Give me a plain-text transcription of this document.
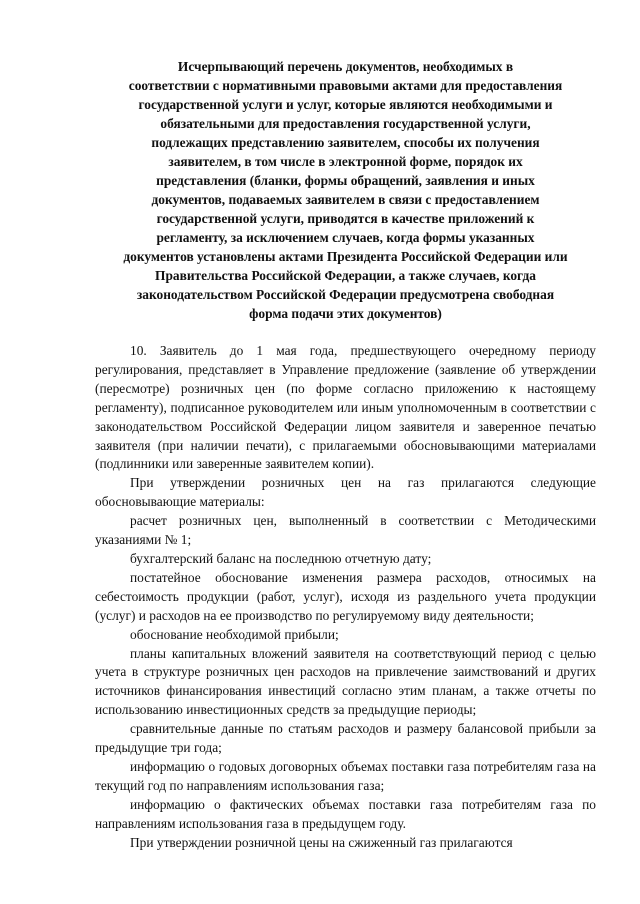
Исчерпывающий перечень документов, необходимых в
соответствии с нормативными правовыми актами для предоставления
государственной услуги и услуг, которые являются необходимыми и
обязательными для предоставления государственной услуги,
подлежащих представлению заявителем, способы их получения
заявителем, в том числе в электронной форме, порядок их
представления (бланки, формы обращений, заявления и иных
документов, подаваемых заявителем в связи с предоставлением
государственной услуги, приводятся в качестве приложений к
регламенту, за исключением случаев, когда формы указанных
документов установлены актами Президента Российской Федерации или
Правительства Российской Федерации, а также случаев, когда
законодательством Российской Федерации предусмотрена свободная
форма подачи этих документов)

10. Заявитель до 1 мая года, предшествующего очередному периоду регулирования, представляет в Управление предложение (заявление об утверждении (пересмотре) розничных цен (по форме согласно приложению к настоящему регламенту), подписанное руководителем или иным уполномоченным в соответствии с законодательством Российской Федерации лицом заявителя и заверенное печатью заявителя (при наличии печати), с прилагаемыми обосновывающими материалами (подлинники или заверенные заявителем копии).

При утверждении розничных цен на газ прилагаются следующие обосновывающие материалы:

расчет розничных цен, выполненный в соответствии с Методическими указаниями № 1;

бухгалтерский баланс на последнюю отчетную дату;

постатейное обоснование изменения размера расходов, относимых на себестоимость продукции (работ, услуг), исходя из раздельного учета продукции (услуг) и расходов на ее производство по регулируемому виду деятельности;

обоснование необходимой прибыли;

планы капитальных вложений заявителя на соответствующий период с целью учета в структуре розничных цен расходов на привлечение заимствований и других источников финансирования инвестиций согласно этим планам, а также отчеты по использованию инвестиционных средств за предыдущие периоды;

сравнительные данные по статьям расходов и размеру балансовой прибыли за предыдущие три года;

информацию о годовых договорных объемах поставки газа потребителям газа на текущий год по направлениям использования газа;

информацию о фактических объемах поставки газа потребителям газа по направлениям использования газа в предыдущем году.

При утверждении розничной цены на сжиженный газ прилагаются
